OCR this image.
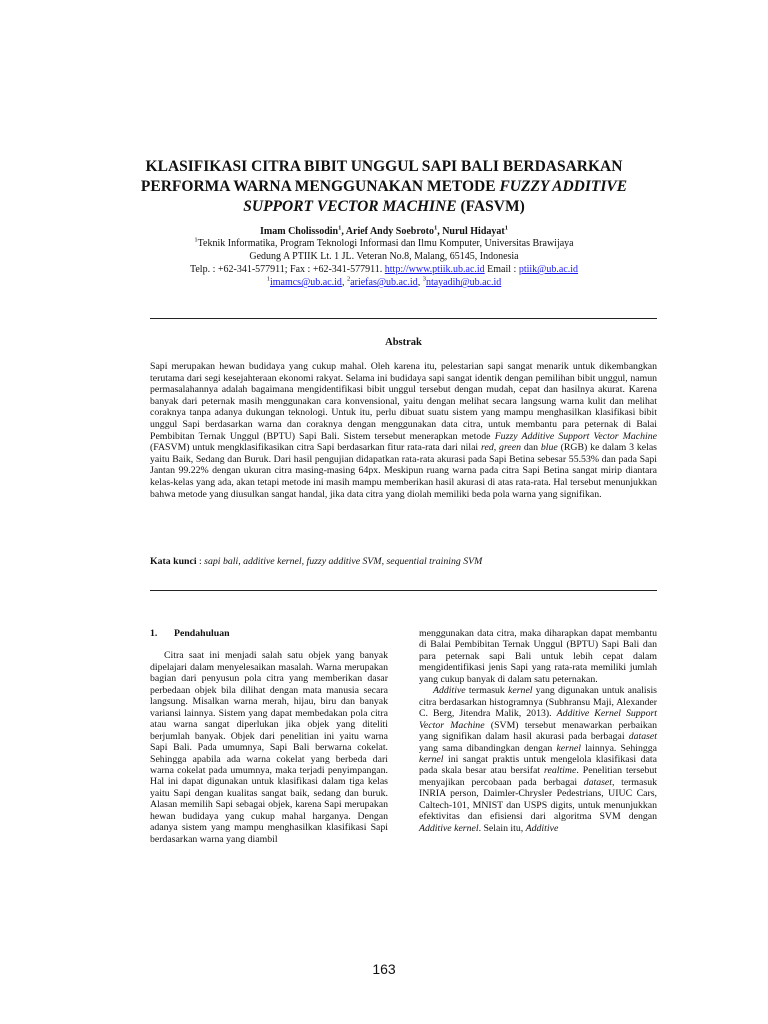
KLASIFIKASI CITRA BIBIT UNGGUL SAPI BALI BERDASARKAN
PERFORMA WARNA MENGGUNAKAN METODE FUZZY ADDITIVE
SUPPORT VECTOR MACHINE (FASVM)
Imam Cholissodin$^1$, Arief Andy Soebroto$^1$, Nurul Hidayat$^1$
$^1$Teknik Informatika, Program Teknologi Informasi dan Ilmu Komputer, Universitas Brawijaya
Gedung A PTIIK Lt. 1 JL. Veteran No.8, Malang, 65145, Indonesia
Telp. : +62-341-577911; Fax : +62-341-577911. http://www.ptiik.ub.ac.id Email : ptiik@ub.ac.id
$^1$imamcs@ub.ac.id, $^2$ariefas@ub.ac.id, $^3$ntayadih@ub.ac.id
Abstrak

Sapi merupakan hewan budidaya yang cukup mahal. Oleh karena itu, pelestarian sapi sangat menarik untuk dikembangkan terutama dari segi kesejahteraan ekonomi rakyat. Selama ini budidaya sapi sangat identik dengan pemilihan bibit unggul, namun permasalahannya adalah bagaimana mengidentifikasi bibit unggul tersebut dengan mudah, cepat dan hasilnya akurat. Karena banyak dari peternak masih menggunakan cara konvensional, yaitu dengan melihat secara langsung warna kulit dan melihat coraknya tanpa adanya dukungan teknologi. Untuk itu, perlu dibuat suatu sistem yang mampu menghasilkan klasifikasi bibit unggul Sapi berdasarkan warna dan coraknya dengan menggunakan data citra, untuk membantu para peternak di Balai Pembibitan Ternak Unggul (BPTU) Sapi Bali. Sistem tersebut menerapkan metode Fuzzy Additive Support Vector Machine (FASVM) untuk mengklasifikasikan citra Sapi berdasarkan fitur rata-rata dari nilai red, green dan blue (RGB) ke dalam 3 kelas yaitu Baik, Sedang dan Buruk. Dari hasil pengujian didapatkan rata-rata akurasi pada Sapi Betina sebesar 55.53% dan pada Sapi Jantan 99.22% dengan ukuran citra masing-masing 64px. Meskipun ruang warna pada citra Sapi Betina sangat mirip diantara kelas-kelas yang ada, akan tetapi metode ini masih mampu memberikan hasil akurasi di atas rata-rata. Hal tersebut menunjukkan bahwa metode yang diusulkan sangat handal, jika data citra yang diolah memiliki beda pola warna yang signifikan.

Kata kunci : sapi bali, additive kernel, fuzzy additive SVM, sequential training SVM
1. Pendahuluan

Citra saat ini menjadi salah satu objek yang banyak dipelajari dalam menyelesaikan masalah. Warna merupakan bagian dari penyusun pola citra yang memberikan dasar perbedaan objek bila dilihat dengan mata manusia secara langsung. Misalkan warna merah, hijau, biru dan banyak variansi lainnya. Sistem yang dapat membedakan pola citra atau warna sangat diperlukan jika objek yang diteliti berjumlah banyak. Objek dari penelitian ini yaitu warna Sapi Bali. Pada umumnya, Sapi Bali berwarna cokelat. Sehingga apabila ada warna cokelat yang berbeda dari warna cokelat pada umumnya, maka terjadi penyimpangan. Hal ini dapat digunakan untuk klasifikasi dalam tiga kelas yaitu Sapi dengan kualitas sangat baik, sedang dan buruk. Alasan memilih Sapi sebagai objek, karena Sapi merupakan hewan budidaya yang cukup mahal harganya. Dengan adanya sistem yang mampu menghasilkan klasifikasi Sapi berdasarkan warna yang diambil

menggunakan data citra, maka diharapkan dapat membantu di Balai Pembibitan Ternak Unggul (BPTU) Sapi Bali dan para peternak sapi Bali untuk lebih cepat dalam mengidentifikasi jenis Sapi yang rata-rata memiliki jumlah yang cukup banyak di dalam satu peternakan.

Additive termasuk kernel yang digunakan untuk analisis citra berdasarkan histogramnya (Subhransu Maji, Alexander C. Berg, Jitendra Malik, 2013). Additive Kernel Support Vector Machine (SVM) tersebut menawarkan perbaikan yang signifikan dalam hasil akurasi pada berbagai dataset yang sama dibandingkan dengan kernel lainnya. Sehingga kernel ini sangat praktis untuk mengelola klasifikasi data pada skala besar atau bersifat realtime. Penelitian tersebut menyajikan percobaan pada berbagai dataset, termasuk INRIA person, Daimler-Chrysler Pedestrians, UIUC Cars, Caltech-101, MNIST dan USPS digits, untuk menunjukkan efektivitas dan efisiensi dari algoritma SVM dengan Additive kernel. Selain itu, Additive

163
